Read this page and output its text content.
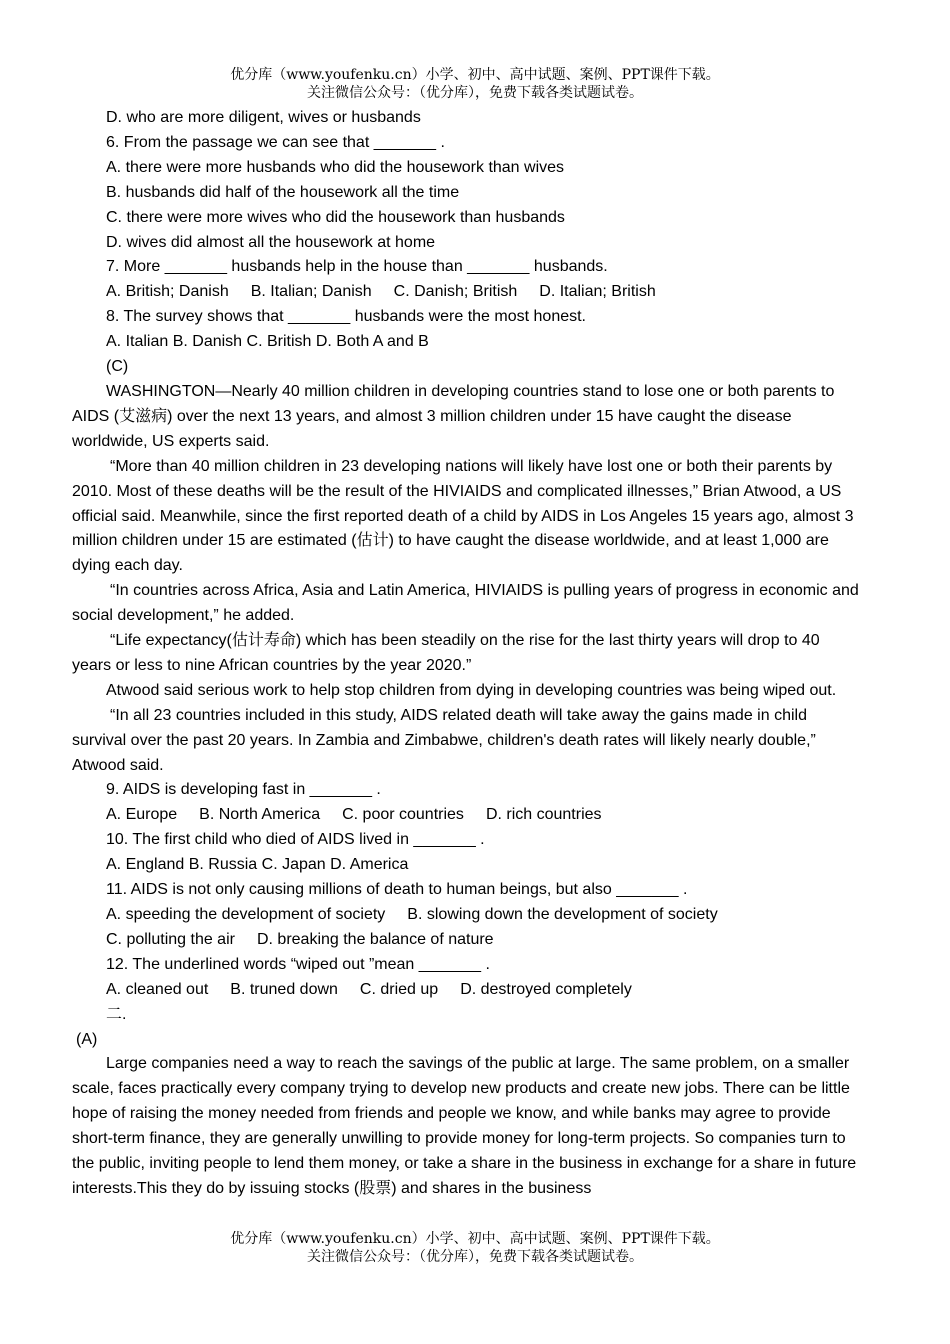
优分库（www.youfenku.cn）小学、初中、高中试题、案例、PPT课件下载。
关注微信公众号：（优分库），免费下载各类试题试卷。
D. who are more diligent, wives or husbands
6. From the passage we can see that _______ .
A. there were more husbands who did the housework than wives
B. husbands did half of the housework all the time
C. there were more wives who did the housework than husbands
D. wives did almost all the housework at home
7. More _______ husbands help in the house than _______ husbands.
A. British; Danish B. Italian; Danish C. Danish; British D. Italian; British
8. The survey shows that _______ husbands were the most honest.
A. Italian B. Danish C. British D. Both A and B
(C)

WASHINGTON—Nearly 40 million children in developing countries stand to lose one or both parents to AIDS (艾滋病) over the next 13 years, and almost 3 million children under 15 have caught the disease worldwide, US experts said.

“More than 40 million children in 23 developing nations will likely have lost one or both their parents by 2010. Most of these deaths will be the result of the HIVIAIDS and complicated illnesses,” Brian Atwood, a US official said. Meanwhile, since the first reported death of a child by AIDS in Los Angeles 15 years ago, almost 3 million children under 15 are estimated (估计) to have caught the disease worldwide, and at least 1,000 are dying each day.

“In countries across Africa, Asia and Latin America, HIVIAIDS is pulling years of progress in economic and social development,” he added.

“Life expectancy(估计寿命) which has been steadily on the rise for the last thirty years will drop to 40 years or less to nine African countries by the year 2020.”

Atwood said serious work to help stop children from dying in developing countries was being wiped out.

“In all 23 countries included in this study, AIDS related death will take away the gains made in child survival over the past 20 years. In Zambia and Zimbabwe, children's death rates will likely nearly double,” Atwood said.

9. AIDS is developing fast in _______ .
A. Europe B. North America C. poor countries D. rich countries
10. The first child who died of AIDS lived in _______ .
A. England B. Russia C. Japan D. America
11. AIDS is not only causing millions of death to human beings, but also _______ .
A. speeding the development of society B. slowing down the development of society
C. polluting the air D. breaking the balance of nature
12. The underlined words “wiped out ”mean _______ .
A. cleaned out B. truned down C. dried up D. destroyed completely
二.
(A)

Large companies need a way to reach the savings of the public at large. The same problem, on a smaller scale, faces practically every company trying to develop new products and create new jobs. There can be little hope of raising the money needed from friends and people we know, and while banks may agree to provide short-term finance, they are generally unwilling to provide money for long-term projects. So companies turn to the public, inviting people to lend them money, or take a share in the business in exchange for a share in future interests.This they do by issuing stocks (股票) and shares in the business

优分库（www.youfenku.cn）小学、初中、高中试题、案例、PPT课件下载。
关注微信公众号：（优分库），免费下载各类试题试卷。
